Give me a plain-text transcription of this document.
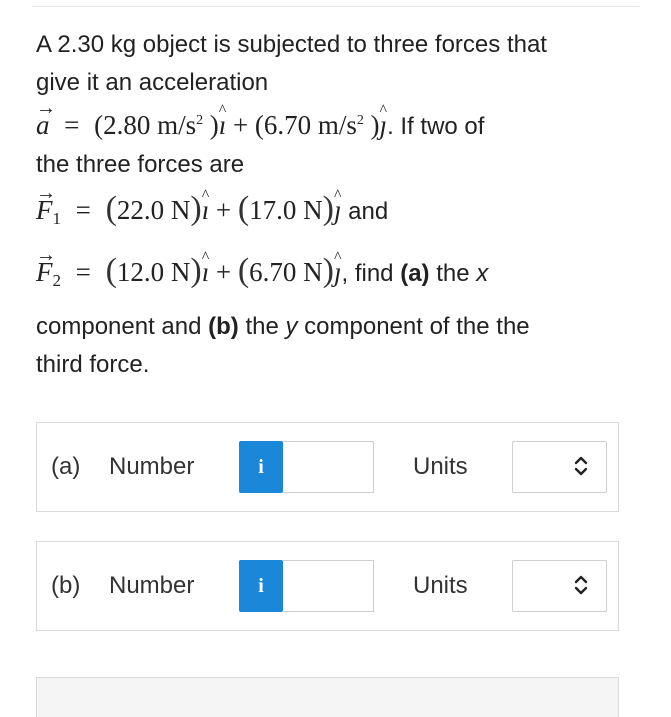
A 2.30 kg object is subjected to three forces that
give it an acceleration
→ a = (2.80 $m/s^2$ )^ ı + (6.70 $m/s^2$ )^ ȷ. If two of
the three forces are
→ $F_1 = (22.0$ N)^ ı + (17.0 N)^ ȷ and
→ $F_2 = (12.0$ N)^ ı + (6.70 N)^ ȷ, find (a) the x
component and (b) the y component of the the
third force.
(a) Number	i	Units
(b) Number	i	Units
